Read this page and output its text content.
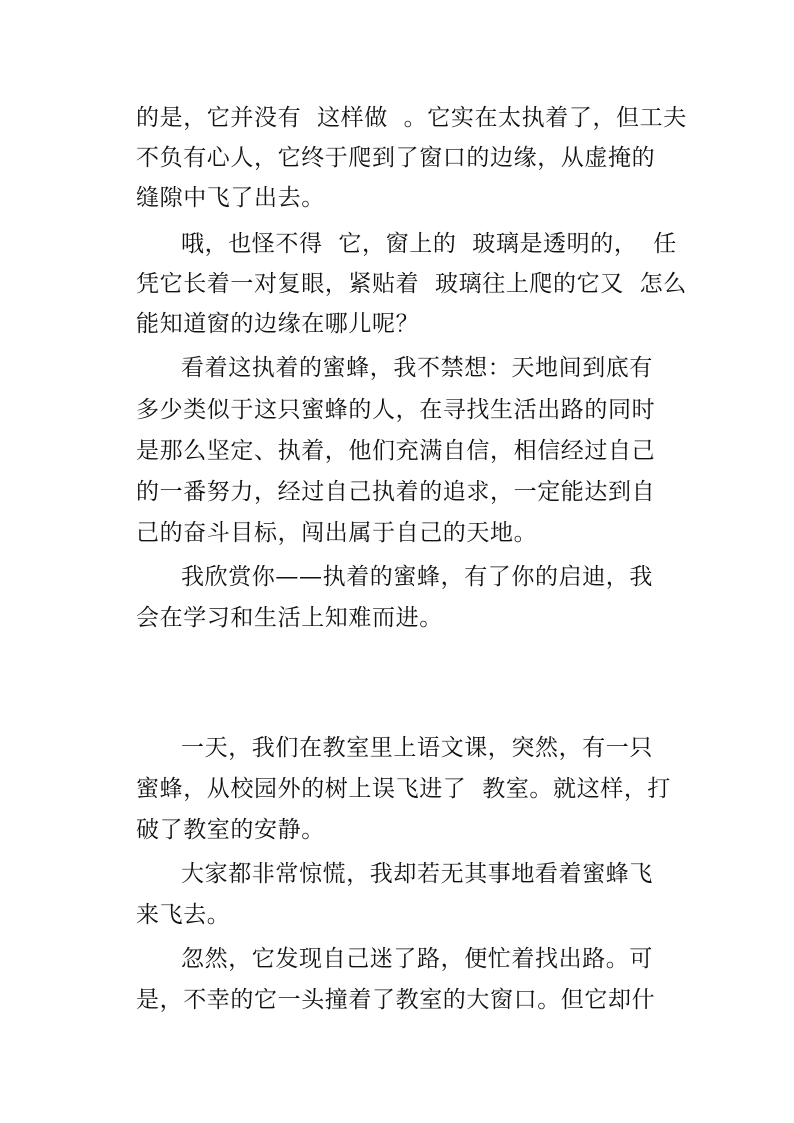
的是，它并没有  这样做  。它实在太执着了，但工夫
不负有心人，它终于爬到了窗口的边缘，从虚掩的
缝隙中飞了出去。
哦，也怪不得  它，窗上的  玻璃是透明的，  任
凭它长着一对复眼，紧贴着  玻璃往上爬的它又  怎么
能知道窗的边缘在哪儿呢？
看着这执着的蜜蜂，我不禁想：天地间到底有
多少类似于这只蜜蜂的人，在寻找生活出路的同时
是那么坚定、执着，他们充满自信，相信经过自己
的一番努力，经过自己执着的追求，一定能达到自
己的奋斗目标，闯出属于自己的天地。
我欣赏你——执着的蜜蜂，有了你的启迪，我
会在学习和生活上知难而进。
一天，我们在教室里上语文课，突然，有一只
蜜蜂，从校园外的树上误飞进了  教室。就这样，打
破了教室的安静。
大家都非常惊慌，我却若无其事地看着蜜蜂飞
来飞去。
忽然，它发现自己迷了路，便忙着找出路。可
是，不幸的它一头撞着了教室的大窗口。但它却什
